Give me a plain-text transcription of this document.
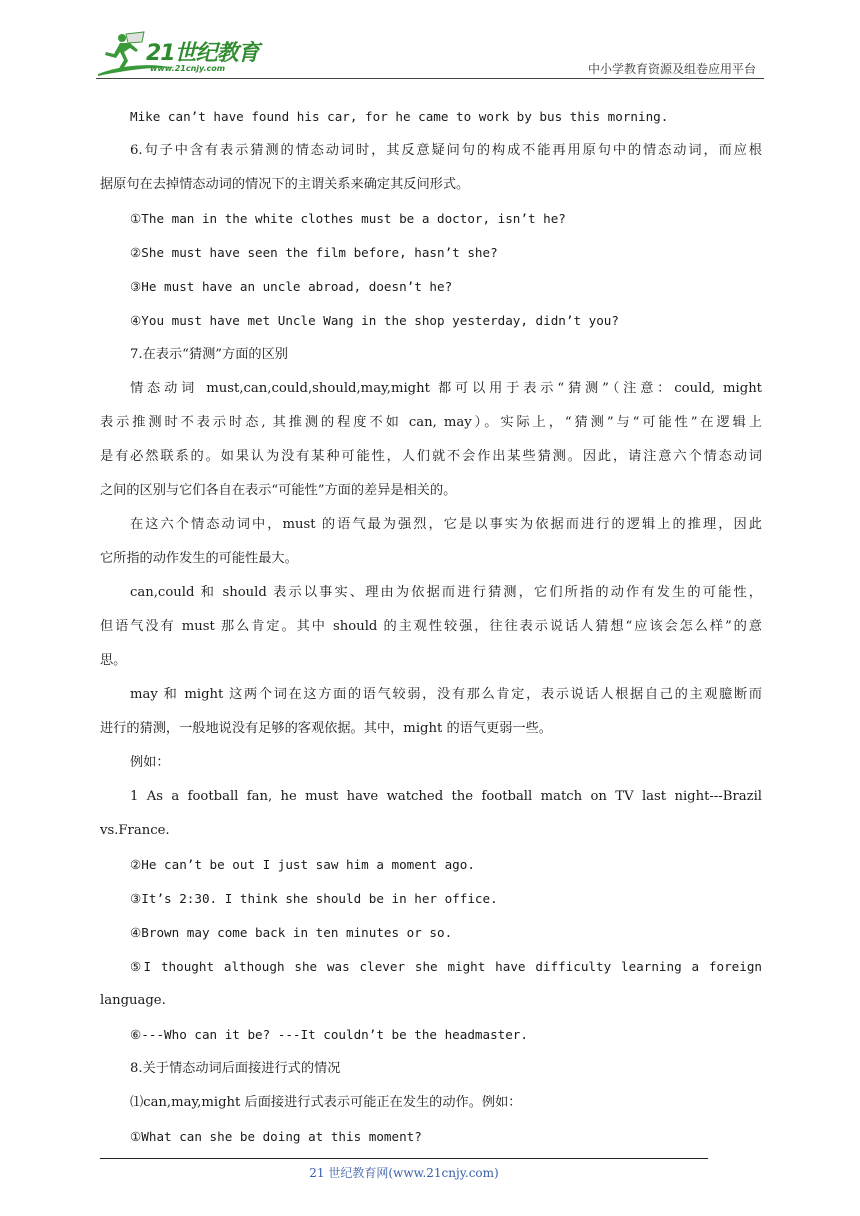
21世纪教育
www.21cnjy.com	中小学教育资源及组卷应用平台
Mike can’t have found his car, for he came to work by bus this morning.
6.句子中含有表示猜测的情态动词时，其反意疑问句的构成不能再用原句中的情态动词，而应根
据原句在去掉情态动词的情况下的主谓关系来确定其反问形式。
①The man in the white clothes must be a doctor, isn’t he?
②She must have seen the film before, hasn’t she?
③He must have an uncle abroad, doesn’t he?
④You must have met Uncle Wang in the shop yesterday, didn’t you?
7.在表示“猜测”方面的区别
情态动词 must,can,could,should,may,might 都可以用于表示“猜测”（注意：could, might
表示推测时不表示时态, 其推测的程度不如 can, may）。实际上，“猜测”与“可能性”在逻辑上
是有必然联系的。如果认为没有某种可能性，人们就不会作出某些猜测。因此，请注意六个情态动词
之间的区别与它们各自在表示“可能性”方面的差异是相关的。
在这六个情态动词中，must 的语气最为强烈，它是以事实为依据而进行的逻辑上的推理，因此
它所指的动作发生的可能性最大。
can,could 和 should 表示以事实、理由为依据而进行猜测，它们所指的动作有发生的可能性，
但语气没有 must 那么肯定。其中 should 的主观性较强，往往表示说话人猜想“应该会怎么样”的意
思。
may 和 might 这两个词在这方面的语气较弱，没有那么肯定，表示说话人根据自己的主观臆断而
进行的猜测，一般地说没有足够的客观依据。其中，might 的语气更弱一些。
例如：
1 As a football fan, he must have watched the football match on TV last night---Brazil
vs.France.
②He can’t be out I just saw him a moment ago.
③It’s 2:30. I think she should be in her office.
④Brown may come back in ten minutes or so.
⑤I thought although she was clever she might have difficulty learning a foreign
language.
⑥---Who can it be? ---It couldn’t be the headmaster.
8.关于情态动词后面接进行式的情况
⑴can,may,might 后面接进行式表示可能正在发生的动作。例如：
①What can she be doing at this moment?
21 世纪教育网(www.21cnjy.com)
